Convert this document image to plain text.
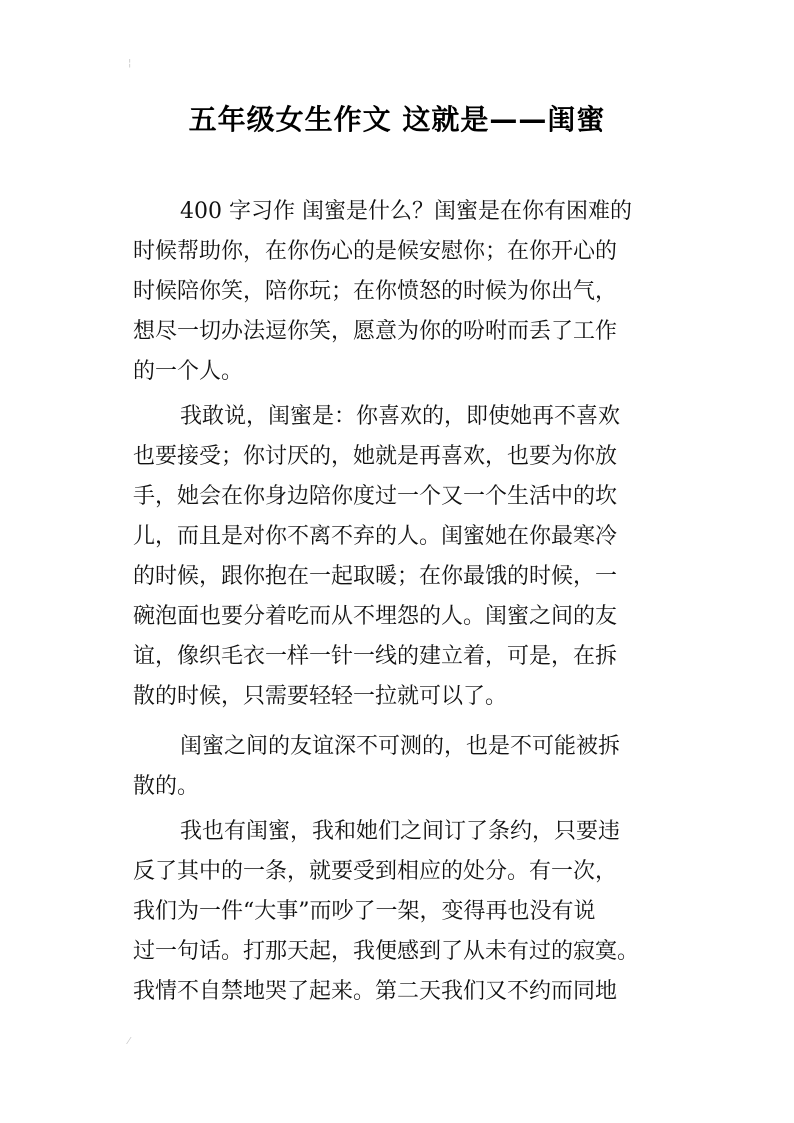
¦
⁄
五年级女生作文 这就是——闺蜜
400 字习作 闺蜜是什么？闺蜜是在你有困难的
时候帮助你，在你伤心的是候安慰你；在你开心的
时候陪你笑，陪你玩；在你愤怒的时候为你出气，
想尽一切办法逗你笑，愿意为你的吩咐而丢了工作
的一个人。
我敢说，闺蜜是：你喜欢的，即使她再不喜欢
也要接受；你讨厌的，她就是再喜欢，也要为你放
手，她会在你身边陪你度过一个又一个生活中的坎
儿，而且是对你不离不弃的人。闺蜜她在你最寒冷
的时候，跟你抱在一起取暖；在你最饿的时候，一
碗泡面也要分着吃而从不埋怨的人。闺蜜之间的友
谊，像织毛衣一样一针一线的建立着，可是，在拆
散的时候，只需要轻轻一拉就可以了。
闺蜜之间的友谊深不可测的，也是不可能被拆
散的。
我也有闺蜜，我和她们之间订了条约，只要违
反了其中的一条，就要受到相应的处分。有一次，
我们为一件“大事”而吵了一架，变得再也没有说
过一句话。打那天起，我便感到了从未有过的寂寞。
我情不自禁地哭了起来。第二天我们又不约而同地
